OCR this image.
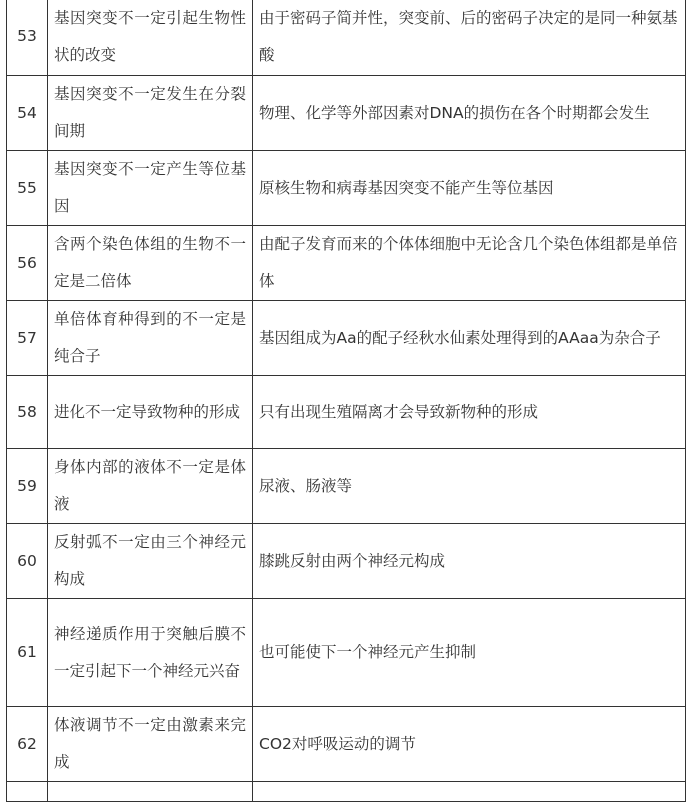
53	基因突变不一定引起生物性状的改变	由于密码子简并性，突变前、后的密码子决定的是同一种氨基酸
54	基因突变不一定发生在分裂间期	物理、化学等外部因素对DNA的损伤在各个时期都会发生
55	基因突变不一定产生等位基因	原核生物和病毒基因突变不能产生等位基因
56	含两个染色体组的生物不一定是二倍体	由配子发育而来的个体体细胞中无论含几个染色体组都是单倍体
57	单倍体育种得到的不一定是纯合子	基因组成为Aa的配子经秋水仙素处理得到的AAaa为杂合子
58	进化不一定导致物种的形成	只有出现生殖隔离才会导致新物种的形成
59	身体内部的液体不一定是体液	尿液、肠液等
60	反射弧不一定由三个神经元构成	膝跳反射由两个神经元构成
61	神经递质作用于突触后膜不一定引起下一个神经元兴奋	也可能使下一个神经元产生抑制
62	体液调节不一定由激素来完成	CO2对呼吸运动的调节
